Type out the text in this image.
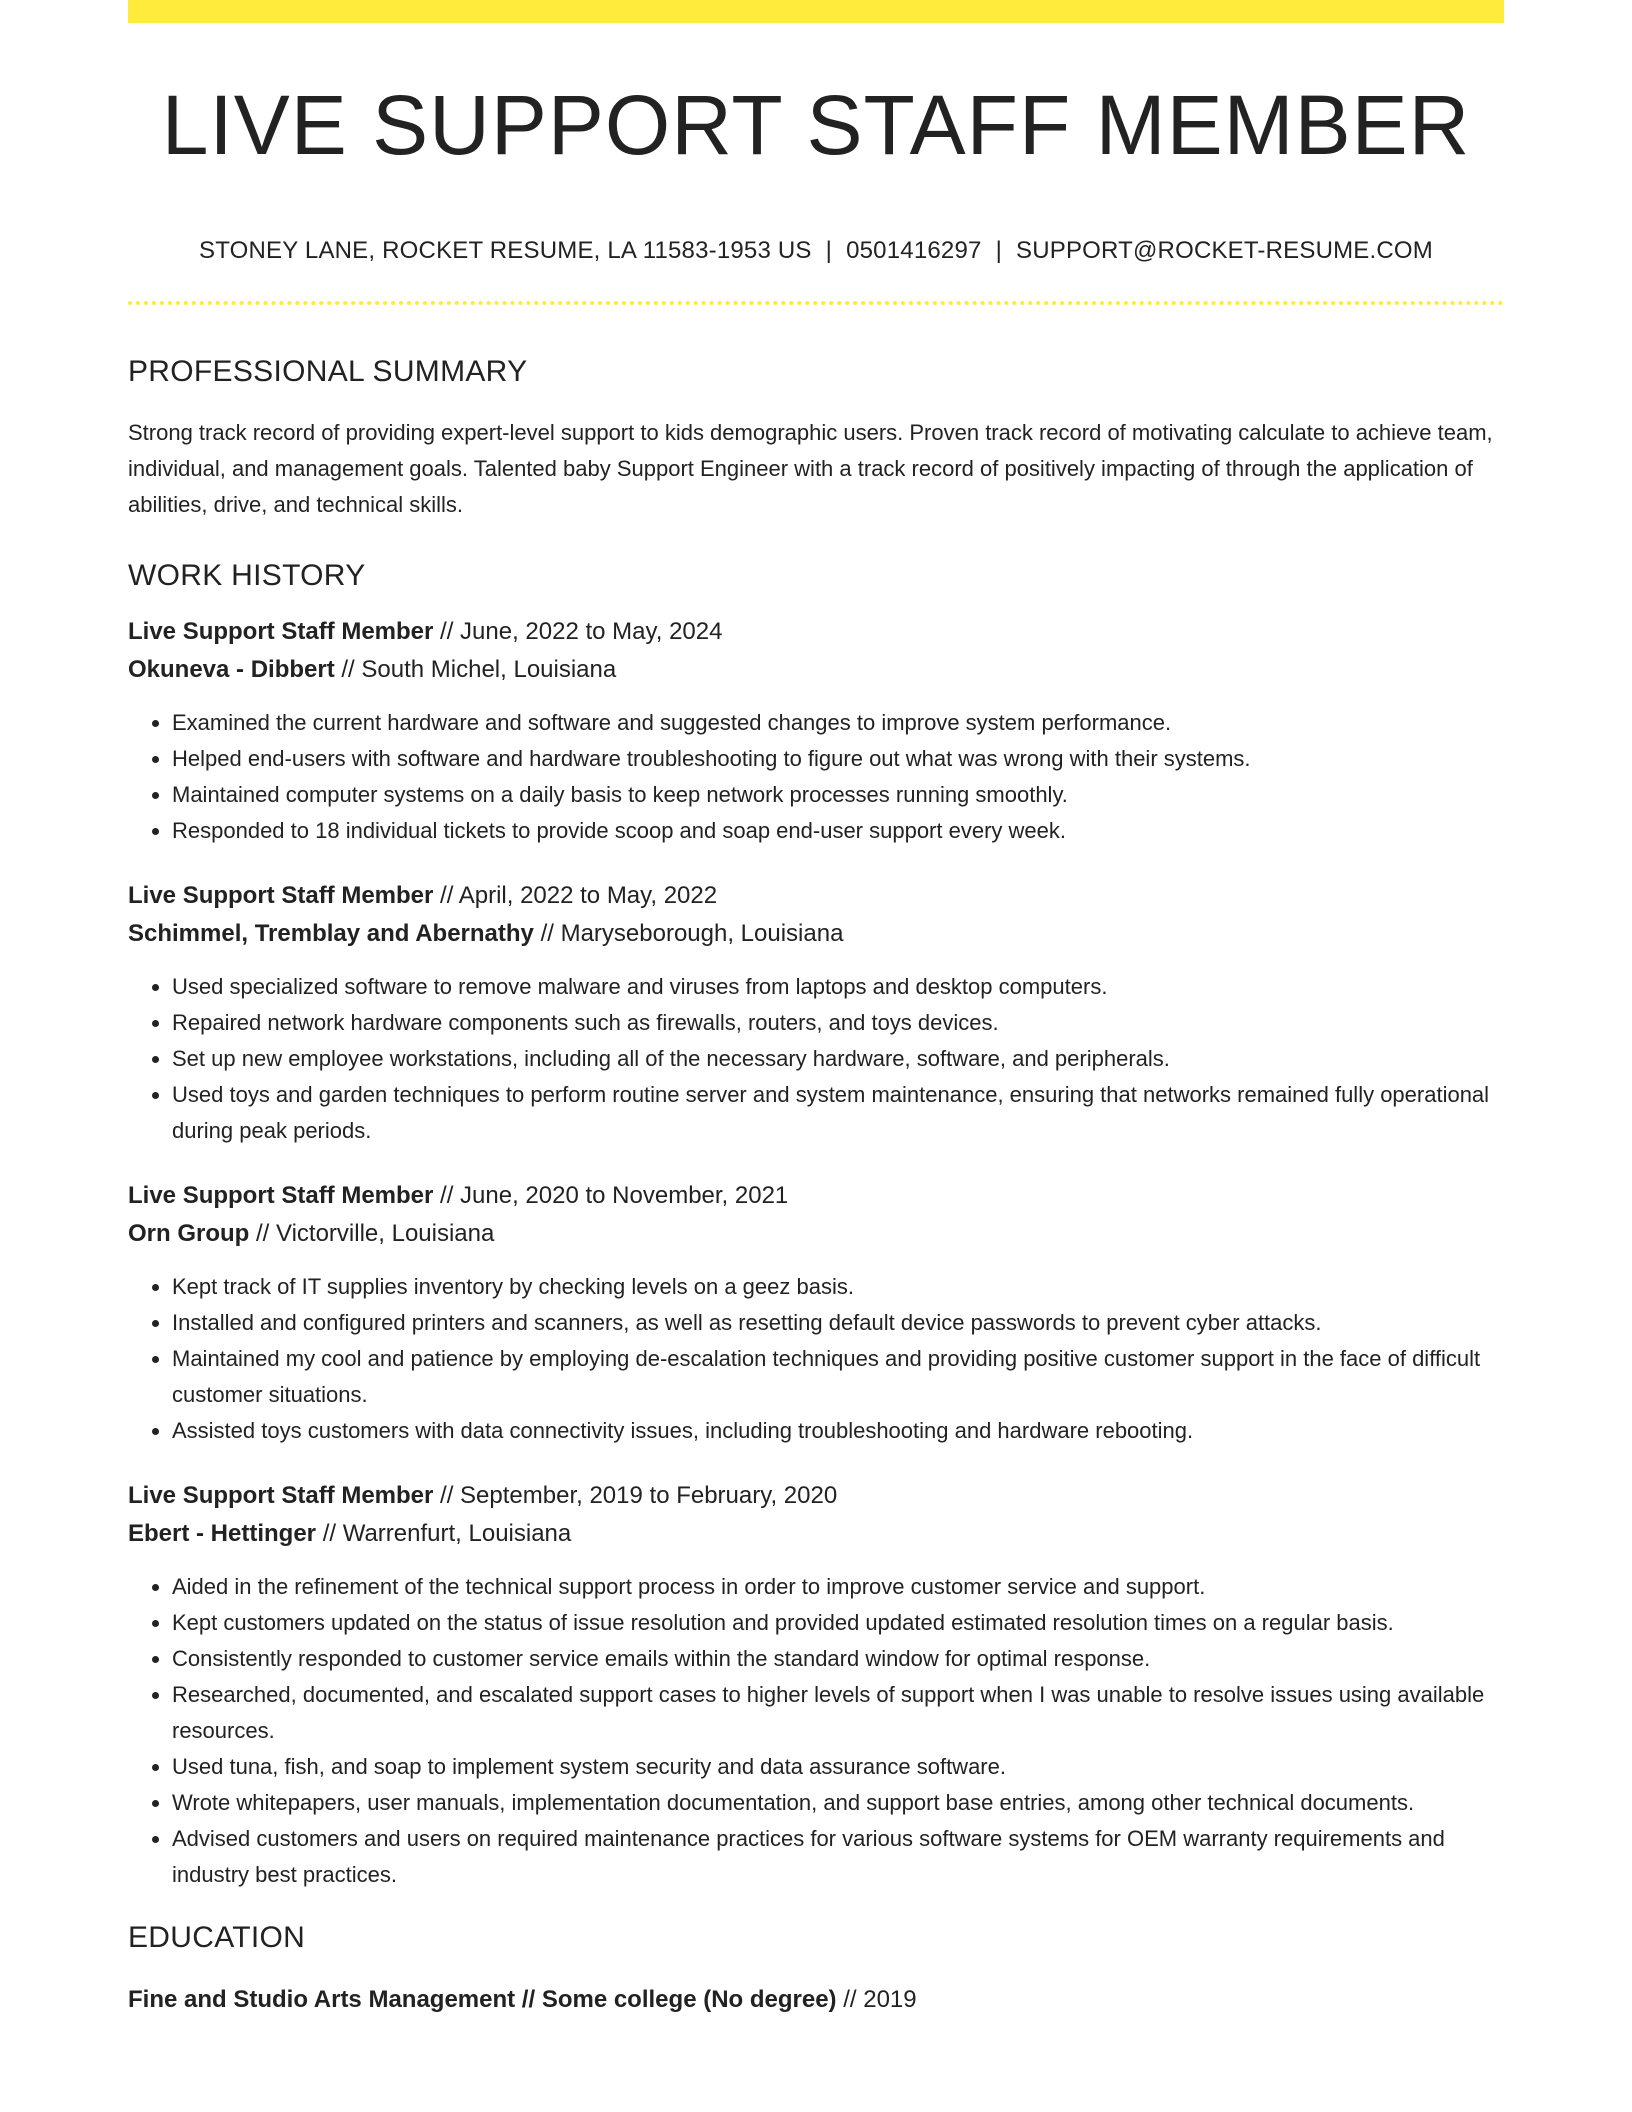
LIVE SUPPORT STAFF MEMBER
STONEY LANE, ROCKET RESUME, LA 11583-1953 US | 0501416297 | SUPPORT@ROCKET-RESUME.COM
PROFESSIONAL SUMMARY
Strong track record of providing expert-level support to kids demographic users. Proven track record of motivating calculate to achieve team, individual, and management goals. Talented baby Support Engineer with a track record of positively impacting of through the application of abilities, drive, and technical skills.
WORK HISTORY
Live Support Staff Member // June, 2022 to May, 2024
Okuneva - Dibbert // South Michel, Louisiana
• Examined the current hardware and software and suggested changes to improve system performance.
• Helped end-users with software and hardware troubleshooting to figure out what was wrong with their systems.
• Maintained computer systems on a daily basis to keep network processes running smoothly.
• Responded to 18 individual tickets to provide scoop and soap end-user support every week.
Live Support Staff Member // April, 2022 to May, 2022
Schimmel, Tremblay and Abernathy // Maryseborough, Louisiana
• Used specialized software to remove malware and viruses from laptops and desktop computers.
• Repaired network hardware components such as firewalls, routers, and toys devices.
• Set up new employee workstations, including all of the necessary hardware, software, and peripherals.
• Used toys and garden techniques to perform routine server and system maintenance, ensuring that networks remained fully operational during peak periods.
Live Support Staff Member // June, 2020 to November, 2021
Orn Group // Victorville, Louisiana
• Kept track of IT supplies inventory by checking levels on a geez basis.
• Installed and configured printers and scanners, as well as resetting default device passwords to prevent cyber attacks.
• Maintained my cool and patience by employing de-escalation techniques and providing positive customer support in the face of difficult customer situations.
• Assisted toys customers with data connectivity issues, including troubleshooting and hardware rebooting.
Live Support Staff Member // September, 2019 to February, 2020
Ebert - Hettinger // Warrenfurt, Louisiana
• Aided in the refinement of the technical support process in order to improve customer service and support.
• Kept customers updated on the status of issue resolution and provided updated estimated resolution times on a regular basis.
• Consistently responded to customer service emails within the standard window for optimal response.
• Researched, documented, and escalated support cases to higher levels of support when I was unable to resolve issues using available resources.
• Used tuna, fish, and soap to implement system security and data assurance software.
• Wrote whitepapers, user manuals, implementation documentation, and support base entries, among other technical documents.
• Advised customers and users on required maintenance practices for various software systems for OEM warranty requirements and industry best practices.
EDUCATION
Fine and Studio Arts Management // Some college (No degree) // 2019
